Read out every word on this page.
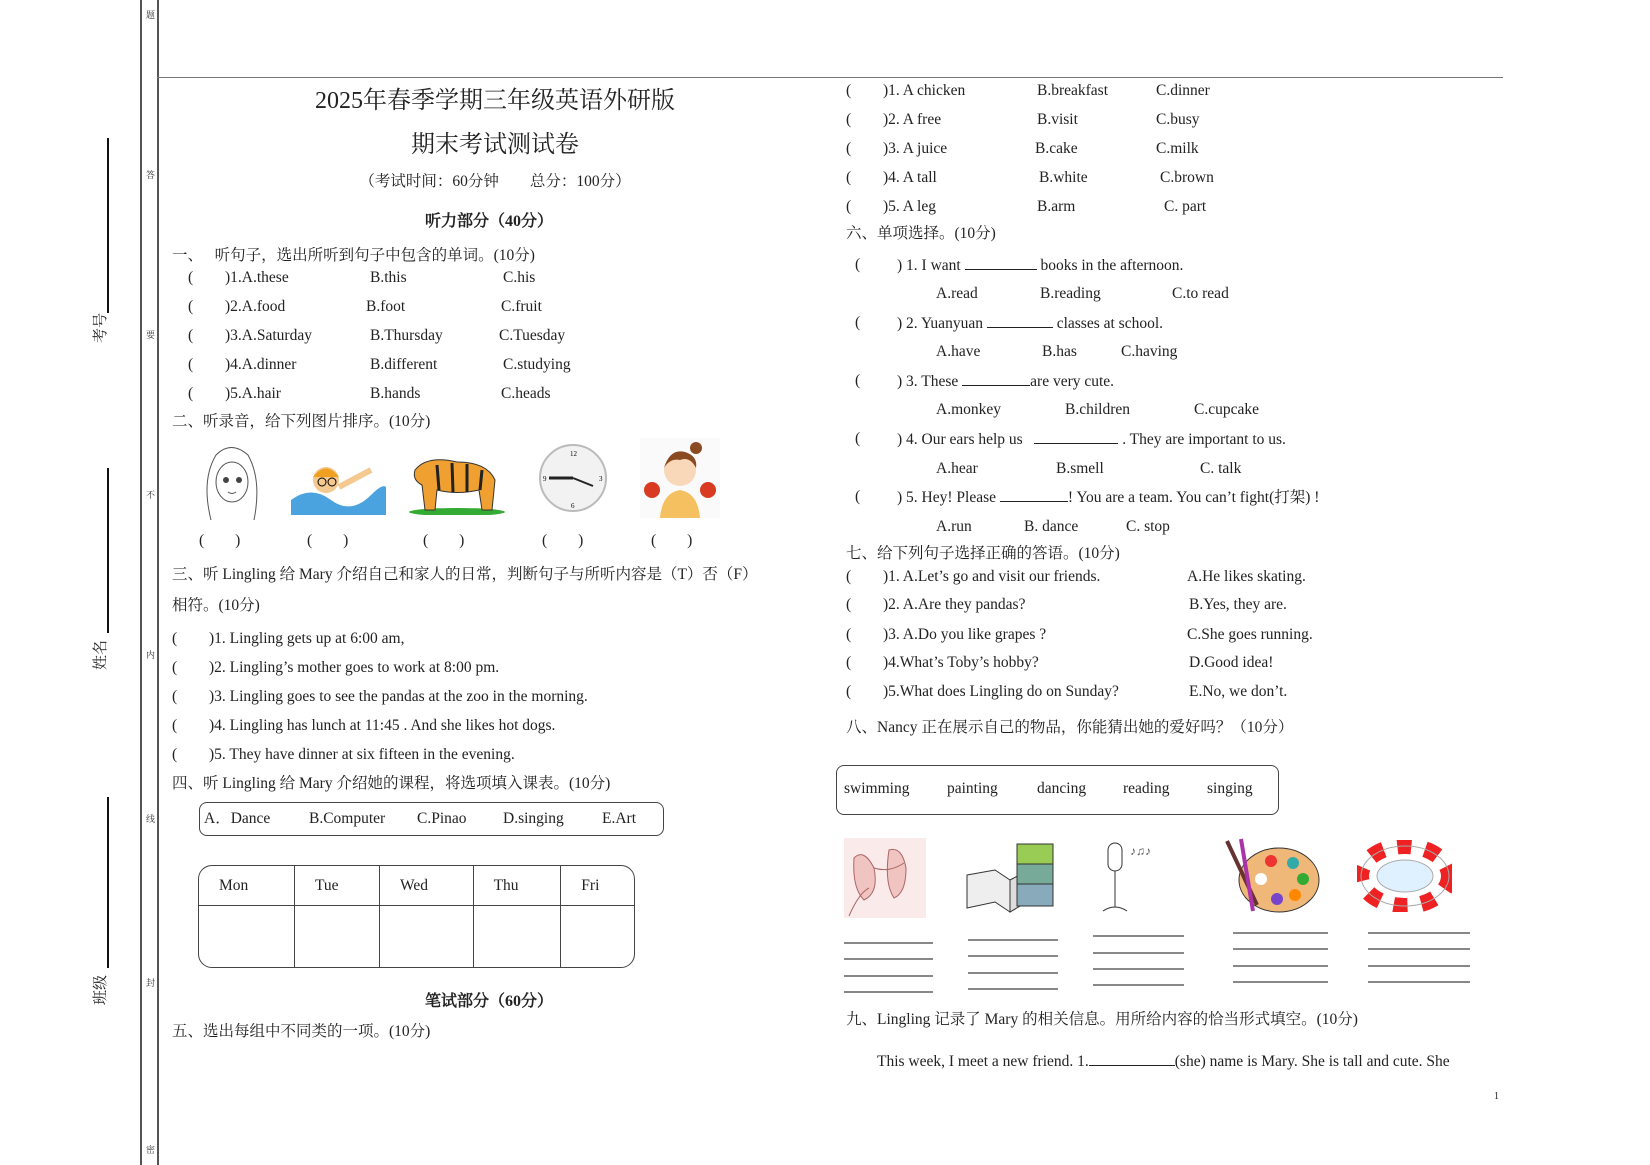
题
答
要
不
内
线
封
密
考号
姓名
班级
2025年春季学期三年级英语外研版
期末考试测试卷
（考试时间：60分钟　　总分：100分）
听力部分（40分）
一、　 听句子，选出所听到句子中包含的单词。(10分)
( )1.A.these	B.this	C.his
( )2.A.food	B.foot	C.fruit
( )3.A.Saturday	B.Thursday	C.Tuesday
( )4.A.dinner	B.different	C.studying
( )5.A.hair	B.hands	C.heads
二、听录音，给下列图片排序。(10分)
12
3
6
9
(　　)	(　　)	(　　)	(　　)	(　　)
三、听 Lingling 给 Mary 介绍自己和家人的日常，判断句子与所听内容是（T）否（F）
相符。(10分)
( )1. Lingling gets up at 6:00 am,
( )2. Lingling’s mother goes to work at 8:00 pm.
( )3. Lingling goes to see the pandas at the zoo in the morning.
( )4. Lingling has lunch at 11:45 . And she likes hot dogs.
( )5. They have dinner at six fifteen in the evening.
四、听 Lingling 给 Mary 介绍她的课程，将选项填入课表。(10分)
A．Dance B.Computer C.Pinao D.singing E.Art
Mon	Tue	Wed	Thu	Fri

笔试部分（60分）
五、选出每组中不同类的一项。(10分)
( )1. A chicken	B.breakfast	C.dinner
( )2. A free	B.visit	C.busy
( )3. A juice	B.cake	C.milk
( )4. A tall	B.white	C.brown
( )5. A leg	B.arm	C. part
六、单项选择。(10分)
( ) 1. I want	books in the afternoon.
A.read	B.reading	C.to read
( ) 2. Yuanyuan	classes at school.
A.have	B.has	C.having
( ) 3. These	are very cute.
A.monkey	B.children	C.cupcake
( ) 4. Our ears help us	. They are important to us.
A.hear	B.smell	C. talk
( ) 5. Hey! Please	! You are a team. You can’t fight(打架) !
A.run	B. dance	C. stop
七、给下列句子选择正确的答语。(10分)
( )1. A.Let’s go and visit our friends.	A.He likes skating.
( )2. A.Are they pandas?	B.Yes, they are.
( )3. A.Do you like grapes ?	C.She goes running.
( )4.What’s Toby’s hobby?	D.Good idea!
( )5.What does Lingling do on Sunday?	E.No, we don’t.
八、Nancy 正在展示自己的物品，你能猜出她的爱好吗？（10分）
swimming painting	dancing reading singing
♪♫♪
九、Lingling 记录了 Mary 的相关信息。用所给内容的恰当形式填空。(10分)
This week, I meet a new friend. 1.	(she) name is Mary. She is tall and cute. She
1
